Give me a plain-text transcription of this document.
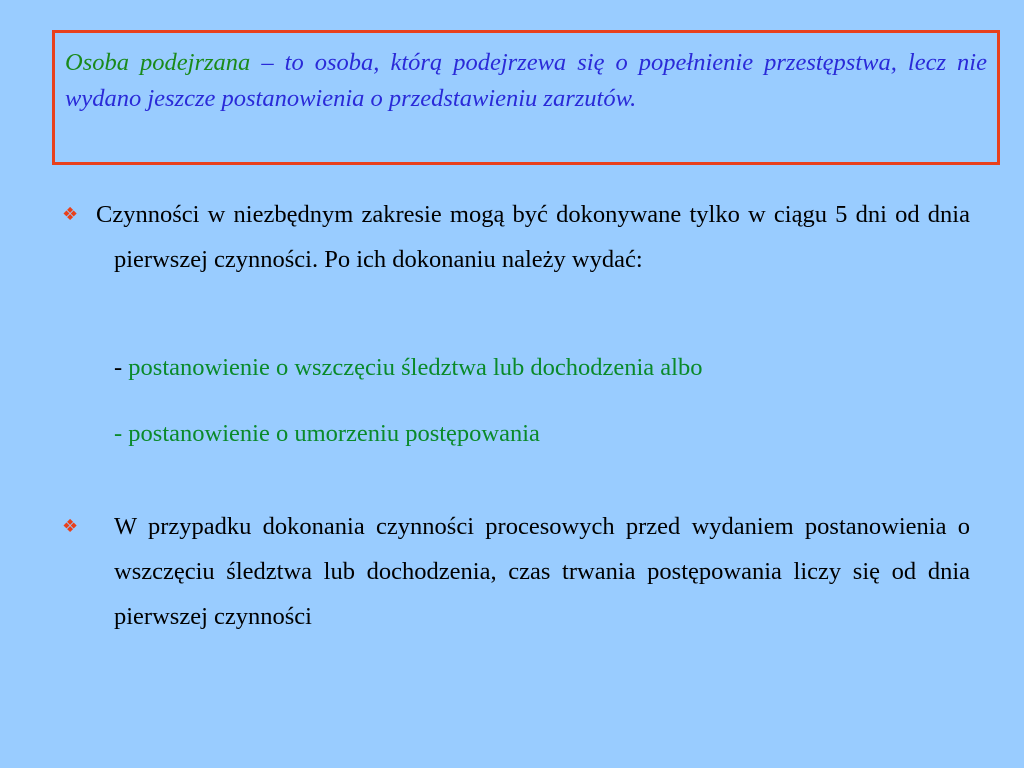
Osoba podejrzana – to osoba, którą podejrzewa się o popełnienie przestępstwa, lecz nie wydano jeszcze postanowienia o przedstawieniu zarzutów.

❖ Czynności w niezbędnym zakresie mogą być dokonywane tylko w ciągu 5 dni od dnia pierwszej czynności. Po ich dokonaniu należy wydać:
- postanowienie o wszczęciu śledztwa lub dochodzenia albo
- postanowienie o umorzeniu postępowania
❖ W przypadku dokonania czynności procesowych przed wydaniem postanowienia o wszczęciu śledztwa lub dochodzenia, czas trwania postępowania liczy się od dnia pierwszej czynności
